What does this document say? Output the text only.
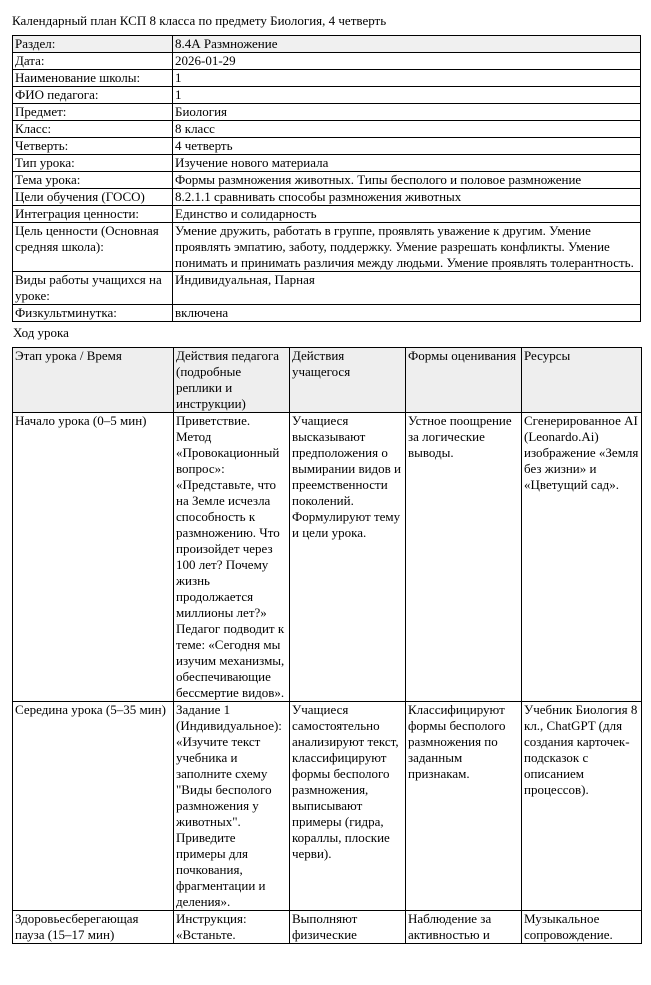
Календарный план КСП 8 класса по предмету Биология, 4 четверть
Раздел:	8.4А Размножение
Дата:	2026-01-29
Наименование школы:	1
ФИО педагога:	1
Предмет:	Биология
Класс:	8 класс
Четверть:	4 четверть
Тип урока:	Изучение нового материала
Тема урока:	Формы размножения животных. Типы бесполого и половое размножение
Цели обучения (ГОСО)	8.2.1.1 сравнивать способы размножения животных
Интеграция ценности:	Единство и солидарность
Цель ценности (Основная средняя школа):	Умение дружить, работать в группе, проявлять уважение к другим. Умение проявлять эмпатию, заботу, поддержку. Умение разрешать конфликты. Умение понимать и принимать различия между людьми. Умение проявлять толерантность.
Виды работы учащихся на уроке:	Индивидуальная, Парная
Физкультминутка:	включена
Ход урока
Этап урока / Время	Действия педагога (подробные реплики и инструкции)	Действия учащегося	Формы оценивания	Ресурсы
Начало урока (0–5 мин)	Приветствие. Метод «Провокационный вопрос»: «Представьте, что на Земле исчезла способность к размножению. Что произойдет через 100 лет? Почему жизнь продолжается миллионы лет?» Педагог подводит к теме: «Сегодня мы изучим механизмы, обеспечивающие бессмертие видов».	Учащиеся высказывают предположения о вымирании видов и преемственности поколений. Формулируют тему и цели урока.	Устное поощрение за логические выводы.	Сгенерированное AI (Leonardo.Ai) изображение «Земля без жизни» и «Цветущий сад».
Середина урока (5–35 мин)	Задание 1 (Индивидуальное): «Изучите текст учебника и заполните схему "Виды бесполого размножения у животных". Приведите примеры для почкования, фрагментации и деления».	Учащиеся самостоятельно анализируют текст, классифицируют формы бесполого размножения, выписывают примеры (гидра, кораллы, плоские черви).	Классифицируют формы бесполого размножения по заданным признакам.	Учебник Биология 8 кл., ChatGPT (для создания карточек-подсказок с описанием процессов).
Здоровьесберегающая пауза (15–17 мин)	Инструкция: «Встаньте.	Выполняют физические	Наблюдение за активностью и	Музыкальное сопровождение.
